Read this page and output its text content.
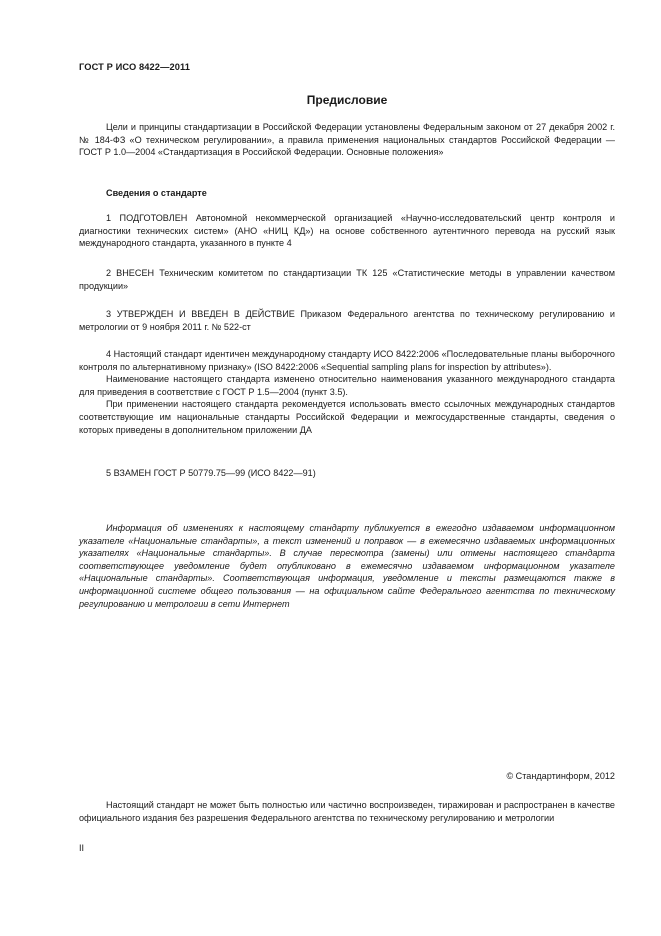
ГОСТ Р ИСО 8422—2011
Предисловие

Цели и принципы стандартизации в Российской Федерации установлены Федеральным законом от 27 декабря 2002 г. № 184-ФЗ «О техническом регулировании», а правила применения национальных стандартов Российской Федерации — ГОСТ Р 1.0—2004 «Стандартизация в Российской Федерации. Основные положения»

Сведения о стандарте

1 ПОДГОТОВЛЕН Автономной некоммерческой организацией «Научно-исследовательский центр контроля и диагностики технических систем» (АНО «НИЦ КД») на основе собственного аутентичного перевода на русский язык международного стандарта, указанного в пункте 4

2 ВНЕСЕН Техническим комитетом по стандартизации ТК 125 «Статистические методы в управлении качеством продукции»

3 УТВЕРЖДЕН И ВВЕДЕН В ДЕЙСТВИЕ Приказом Федерального агентства по техническому регулированию и метрологии от 9 ноября 2011 г. № 522-ст

4 Настоящий стандарт идентичен международному стандарту ИСО 8422:2006 «Последовательные планы выборочного контроля по альтернативному признаку» (ISO 8422:2006 «Sequential sampling plans for inspection by attributes»).

Наименование настоящего стандарта изменено относительно наименования указанного международного стандарта для приведения в соответствие с ГОСТ Р 1.5—2004 (пункт 3.5).

При применении настоящего стандарта рекомендуется использовать вместо ссылочных международных стандартов соответствующие им национальные стандарты Российской Федерации и межгосударственные стандарты, сведения о которых приведены в дополнительном приложении ДА

5 ВЗАМЕН ГОСТ Р 50779.75—99 (ИСО 8422—91)

Информация об изменениях к настоящему стандарту публикуется в ежегодно издаваемом информационном указателе «Национальные стандарты», а текст изменений и поправок — в ежемесячно издаваемых информационных указателях «Национальные стандарты». В случае пересмотра (замены) или отмены настоящего стандарта соответствующее уведомление будет опубликовано в ежемесячно издаваемом информационном указателе «Национальные стандарты». Соответствующая информация, уведомление и тексты размещаются также в информационной системе общего пользования — на официальном сайте Федерального агентства по техническому регулированию и метрологии в сети Интернет

© Стандартинформ, 2012

Настоящий стандарт не может быть полностью или частично воспроизведен, тиражирован и распространен в качестве официального издания без разрешения Федерального агентства по техническому регулированию и метрологии

II
